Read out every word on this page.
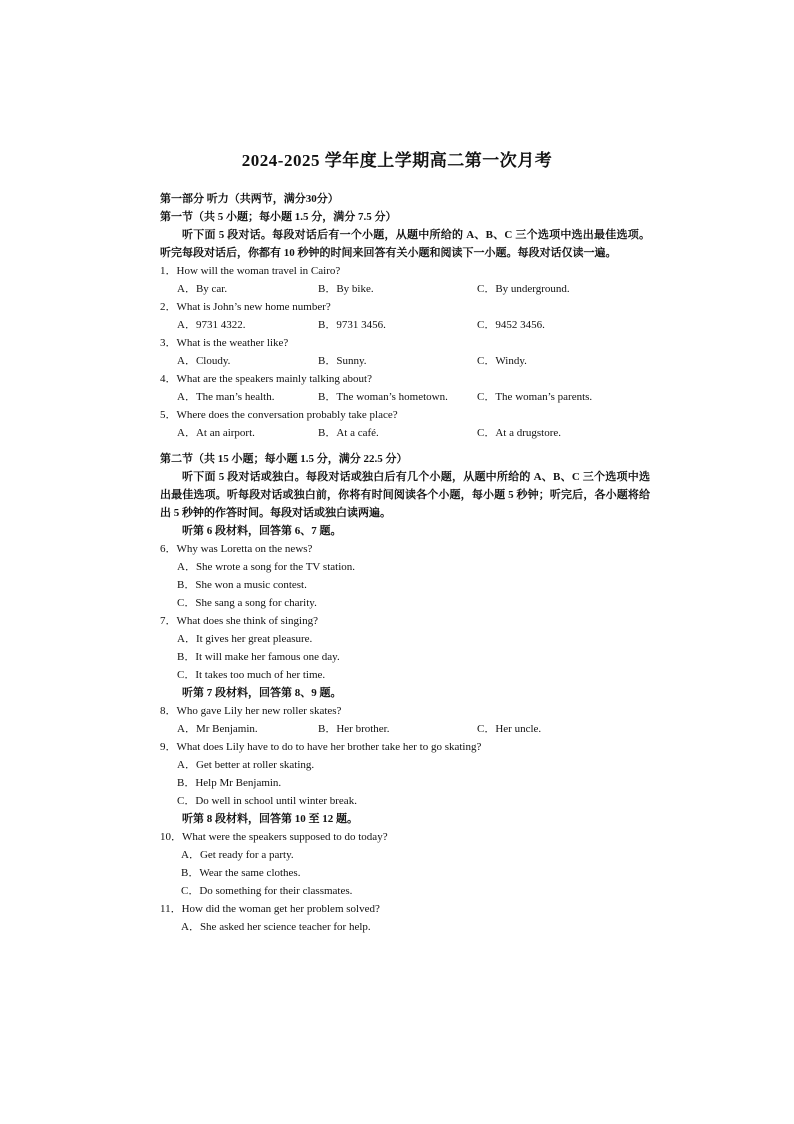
2024-2025 学年度上学期高二第一次月考
第一部分 听力（共两节，满分30分）
第一节（共 5 小题；每小题 1.5 分，满分 7.5 分）
听下面 5 段对话。每段对话后有一个小题，从题中所给的 A、B、C 三个选项中选出最佳选项。听完每段对话后，你都有 10 秒钟的时间来回答有关小题和阅读下一小题。每段对话仅读一遍。
1．How will the woman travel in Cairo?
A．By car.	B．By bike.	C．By underground.
2．What is John’s new home number?
A．9731 4322.	B．9731 3456.	C．9452 3456.
3．What is the weather like?
A．Cloudy.	B．Sunny.	C．Windy.
4．What are the speakers mainly talking about?
A．The man’s health.	B．The woman’s hometown.	C．The woman’s parents.
5．Where does the conversation probably take place?
A．At an airport.	B．At a café.	C．At a drugstore.
第二节（共 15 小题；每小题 1.5 分，满分 22.5 分）
听下面 5 段对话或独白。每段对话或独白后有几个小题，从题中所给的 A、B、C 三个选项中选出最佳选项。听每段对话或独白前，你将有时间阅读各个小题，每小题 5 秒钟；听完后，各小题将给出 5 秒钟的作答时间。每段对话或独白读两遍。
听第 6 段材料，回答第 6、7 题。
6．Why was Loretta on the news?
A．She wrote a song for the TV station.
B．She won a music contest.
C．She sang a song for charity.
7．What does she think of singing?
A．It gives her great pleasure.
B．It will make her famous one day.
C．It takes too much of her time.
听第 7 段材料，回答第 8、9 题。
8．Who gave Lily her new roller skates?
A．Mr Benjamin.	B．Her brother.	C．Her uncle.
9．What does Lily have to do to have her brother take her to go skating?
A．Get better at roller skating.
B．Help Mr Benjamin.
C．Do well in school until winter break.
听第 8 段材料，回答第 10 至 12 题。
10．What were the speakers supposed to do today?
A．Get ready for a party.
B．Wear the same clothes.
C．Do something for their classmates.
11．How did the woman get her problem solved?
A．She asked her science teacher for help.
